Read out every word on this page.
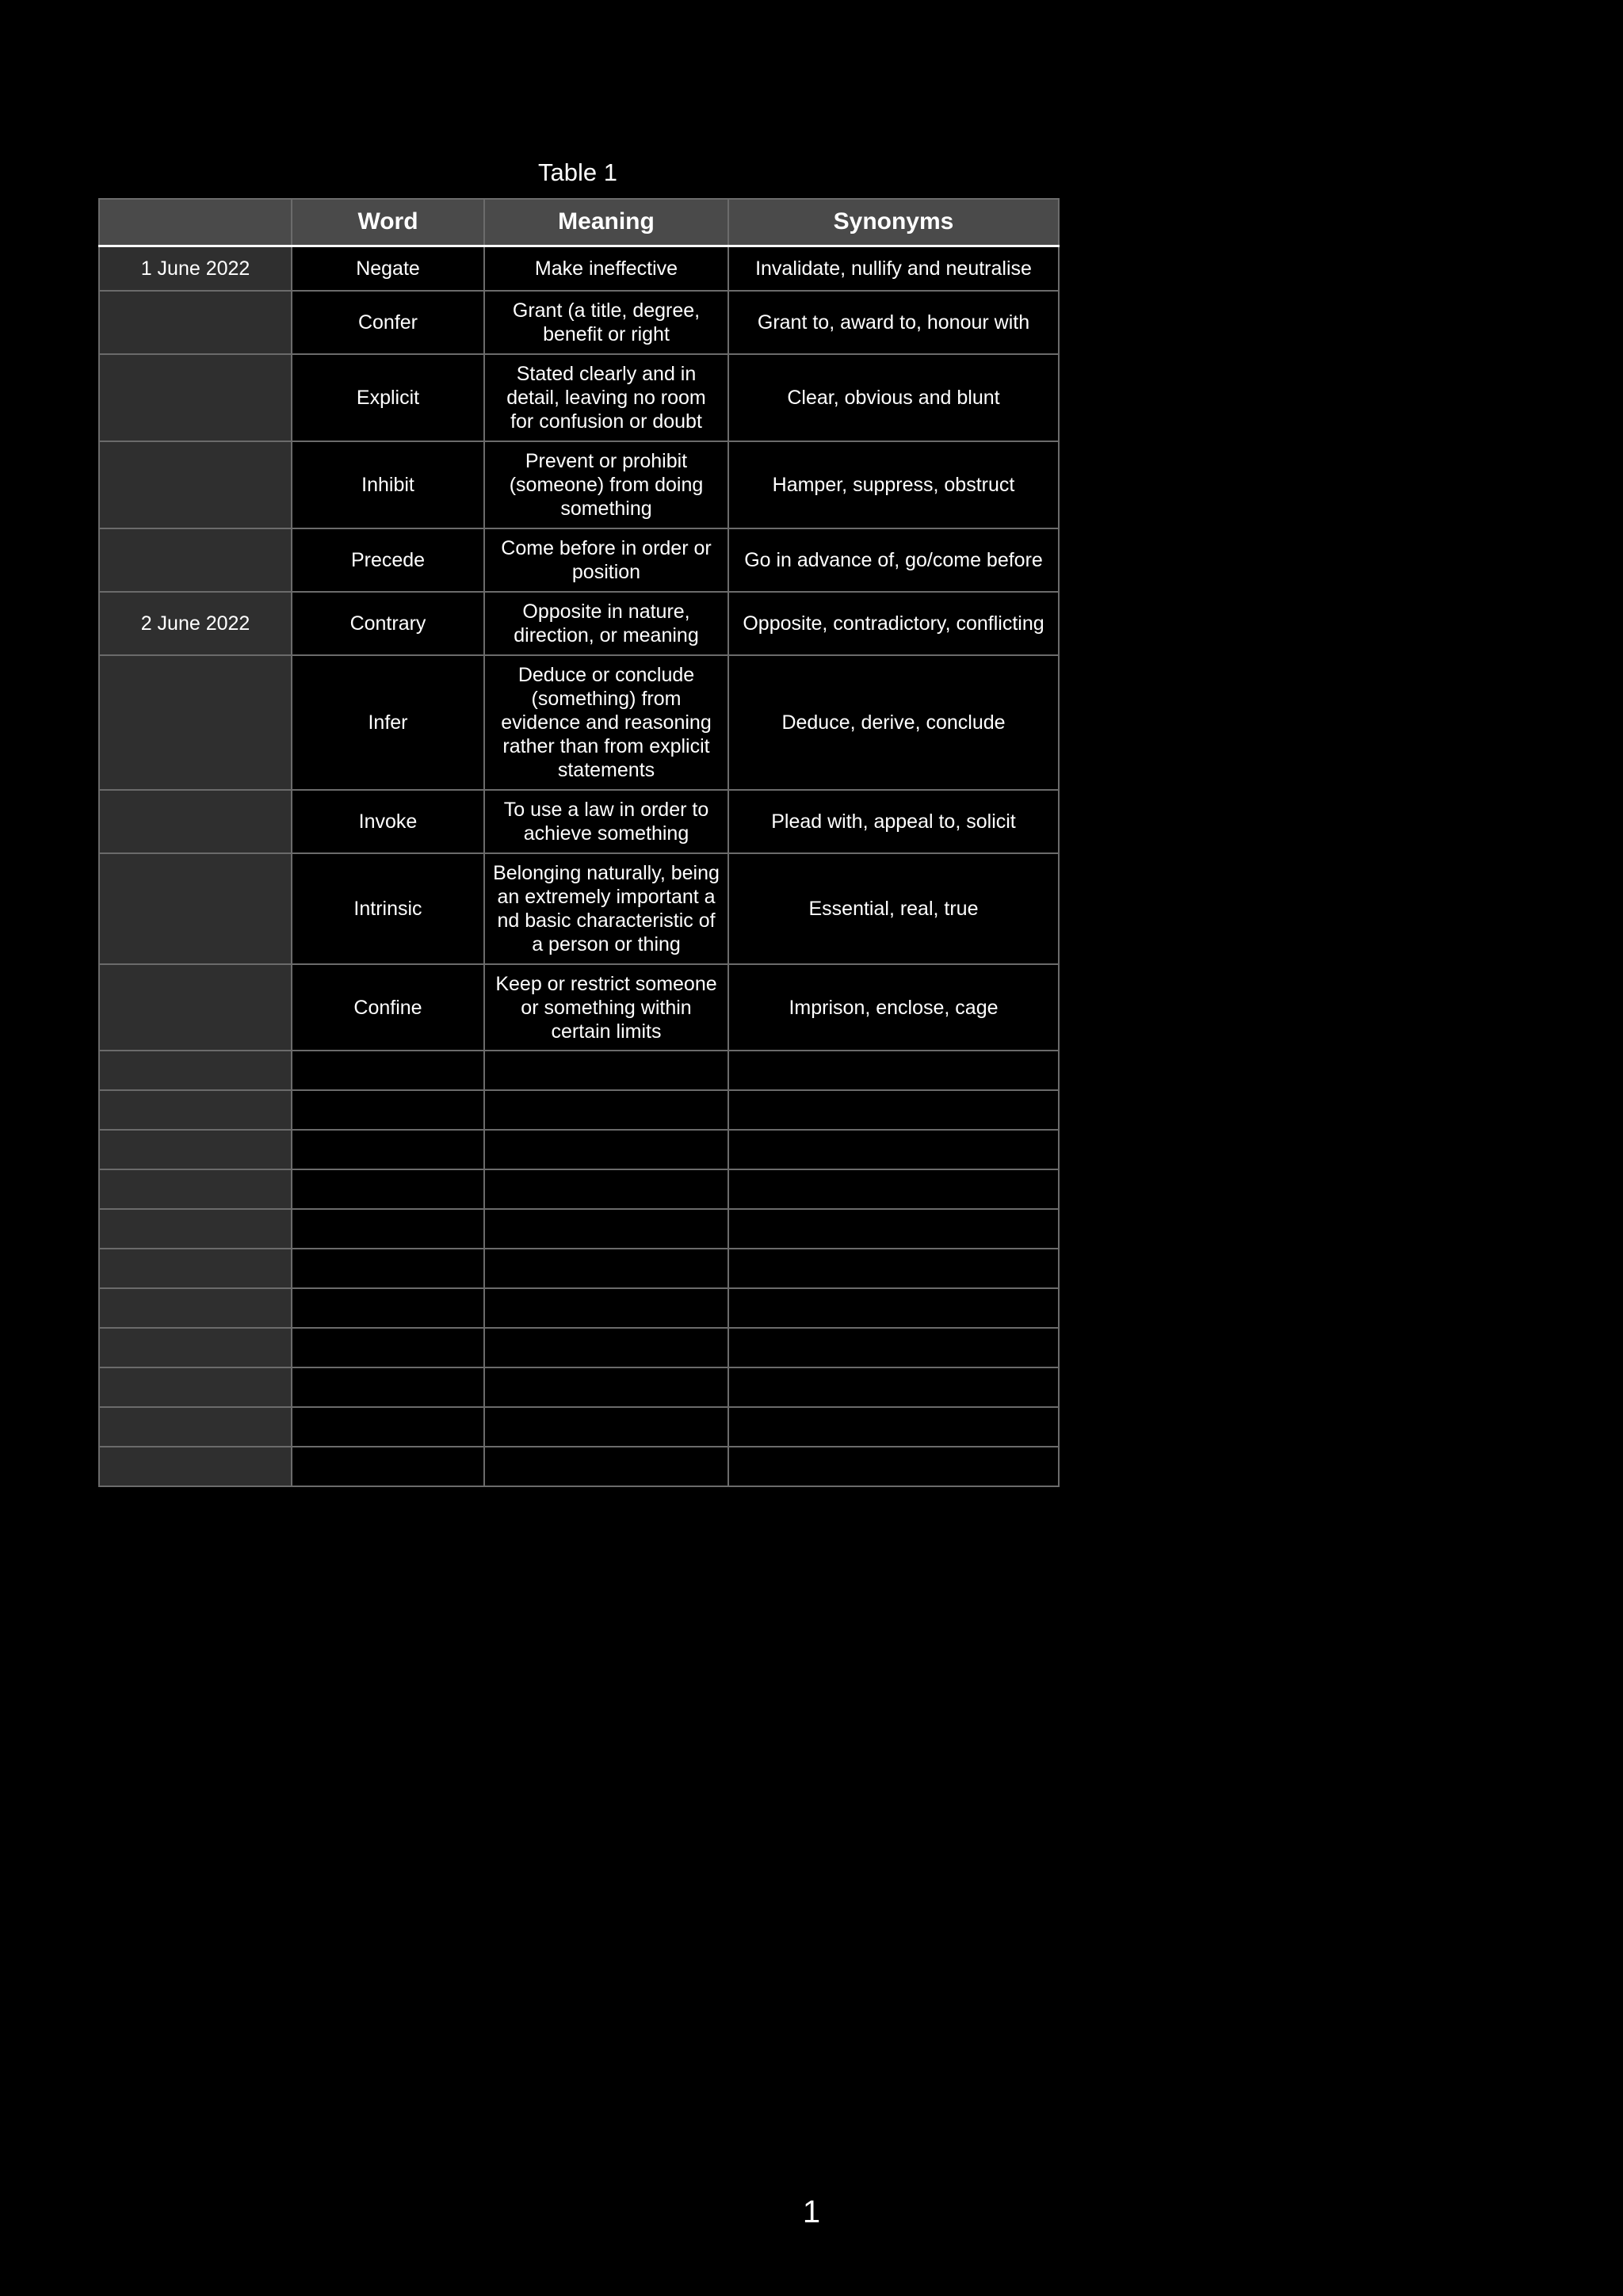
Table 1
	Word	Meaning	Synonyms
1 June 2022	Negate	Make ineffective	Invalidate, nullify and neutralise
	Confer	Grant (a title, degree, benefit or right	Grant to, award to, honour with
	Explicit	Stated clearly and in detail, leaving no room for confusion or doubt	Clear, obvious and blunt
	Inhibit	Prevent or prohibit (someone) from doing something	Hamper, suppress, obstruct
	Precede	Come before in order or position	Go in advance of, go/come before
2 June 2022	Contrary	Opposite in nature, direction, or meaning	Opposite, contradictory, conflicting
	Infer	Deduce or conclude (something) from evidence and reasoning rather than from explicit statements	Deduce, derive, conclude
	Invoke	To use a law in order to achieve something	Plead with, appeal to, solicit
	Intrinsic	Belonging naturally, being an extremely important a nd basic characteristic of a person or thing	Essential, real, true
	Confine	Keep or restrict someone or something within certain limits	Imprison, enclose, cage

1
